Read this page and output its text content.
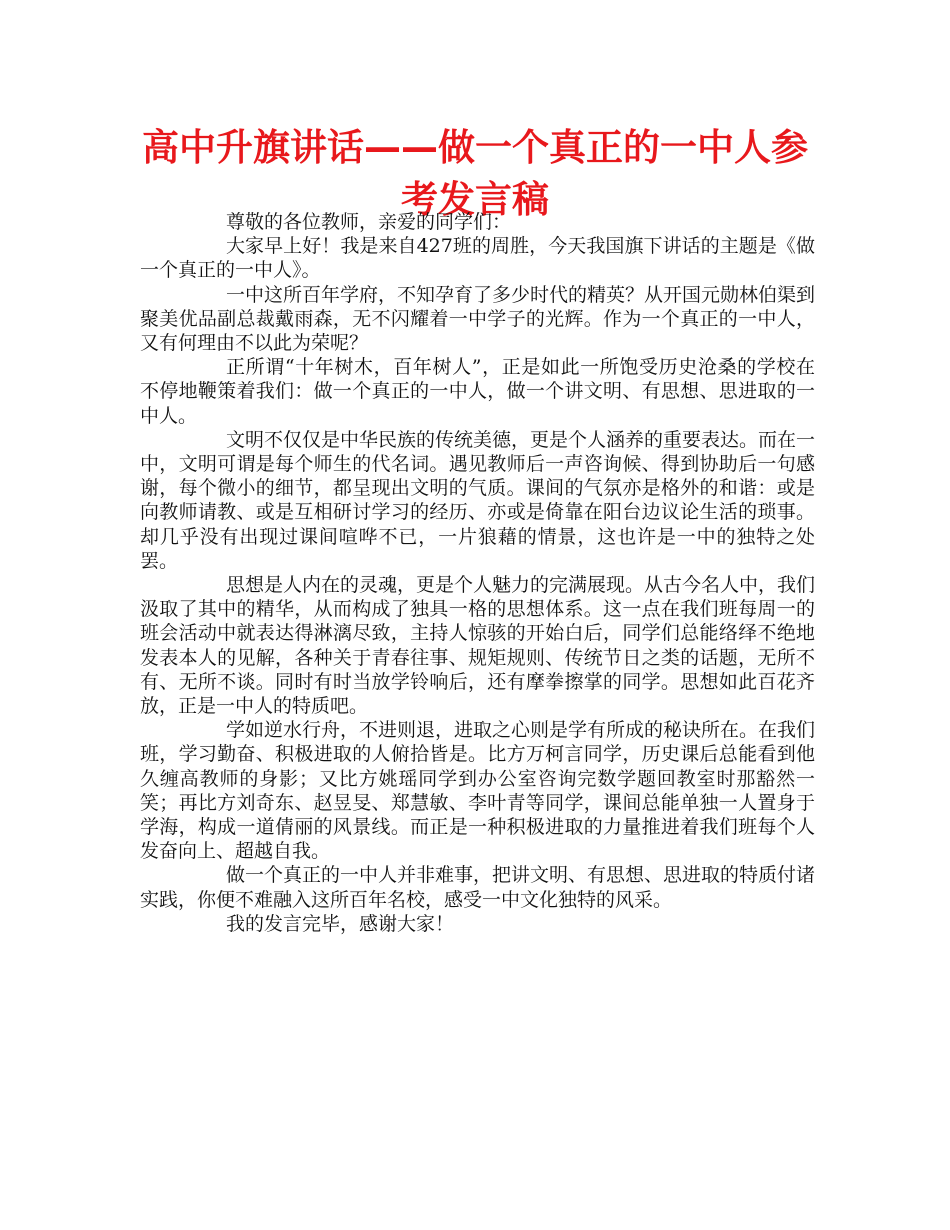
高中升旗讲话——做一个真正的一中人参考发言稿

尊敬的各位教师，亲爱的同学们：

大家早上好！我是来自427班的周胜，今天我国旗下讲话的主题是《做一个真正的一中人》。

一中这所百年学府，不知孕育了多少时代的精英？从开国元勋林伯渠到聚美优品副总裁戴雨森，无不闪耀着一中学子的光辉。作为一个真正的一中人，又有何理由不以此为荣呢？

正所谓“十年树木，百年树人”，正是如此一所饱受历史沧桑的学校在不停地鞭策着我们：做一个真正的一中人，做一个讲文明、有思想、思进取的一中人。

文明不仅仅是中华民族的传统美德，更是个人涵养的重要表达。而在一中，文明可谓是每个师生的代名词。遇见教师后一声咨询候、得到协助后一句感谢，每个微小的细节，都呈现出文明的气质。课间的气氛亦是格外的和谐：或是向教师请教、或是互相研讨学习的经历、亦或是倚靠在阳台边议论生活的琐事。却几乎没有出现过课间喧哗不已，一片狼藉的情景，这也许是一中的独特之处罢。

思想是人内在的灵魂，更是个人魅力的完满展现。从古今名人中，我们汲取了其中的精华，从而构成了独具一格的思想体系。这一点在我们班每周一的班会活动中就表达得淋漓尽致，主持人惊骇的开始白后，同学们总能络绎不绝地发表本人的见解，各种关于青春往事、规矩规则、传统节日之类的话题，无所不有、无所不谈。同时有时当放学铃响后，还有摩拳擦掌的同学。思想如此百花齐放，正是一中人的特质吧。

学如逆水行舟，不进则退，进取之心则是学有所成的秘诀所在。在我们班，学习勤奋、积极进取的人俯拾皆是。比方万柯言同学，历史课后总能看到他久缠高教师的身影；又比方姚瑶同学到办公室咨询完数学题回教室时那豁然一笑；再比方刘奇东、赵昱旻、郑慧敏、李叶青等同学，课间总能单独一人置身于学海，构成一道倩丽的风景线。而正是一种积极进取的力量推进着我们班每个人发奋向上、超越自我。

做一个真正的一中人并非难事，把讲文明、有思想、思进取的特质付诸实践，你便不难融入这所百年名校，感受一中文化独特的风采。

我的发言完毕，感谢大家！
